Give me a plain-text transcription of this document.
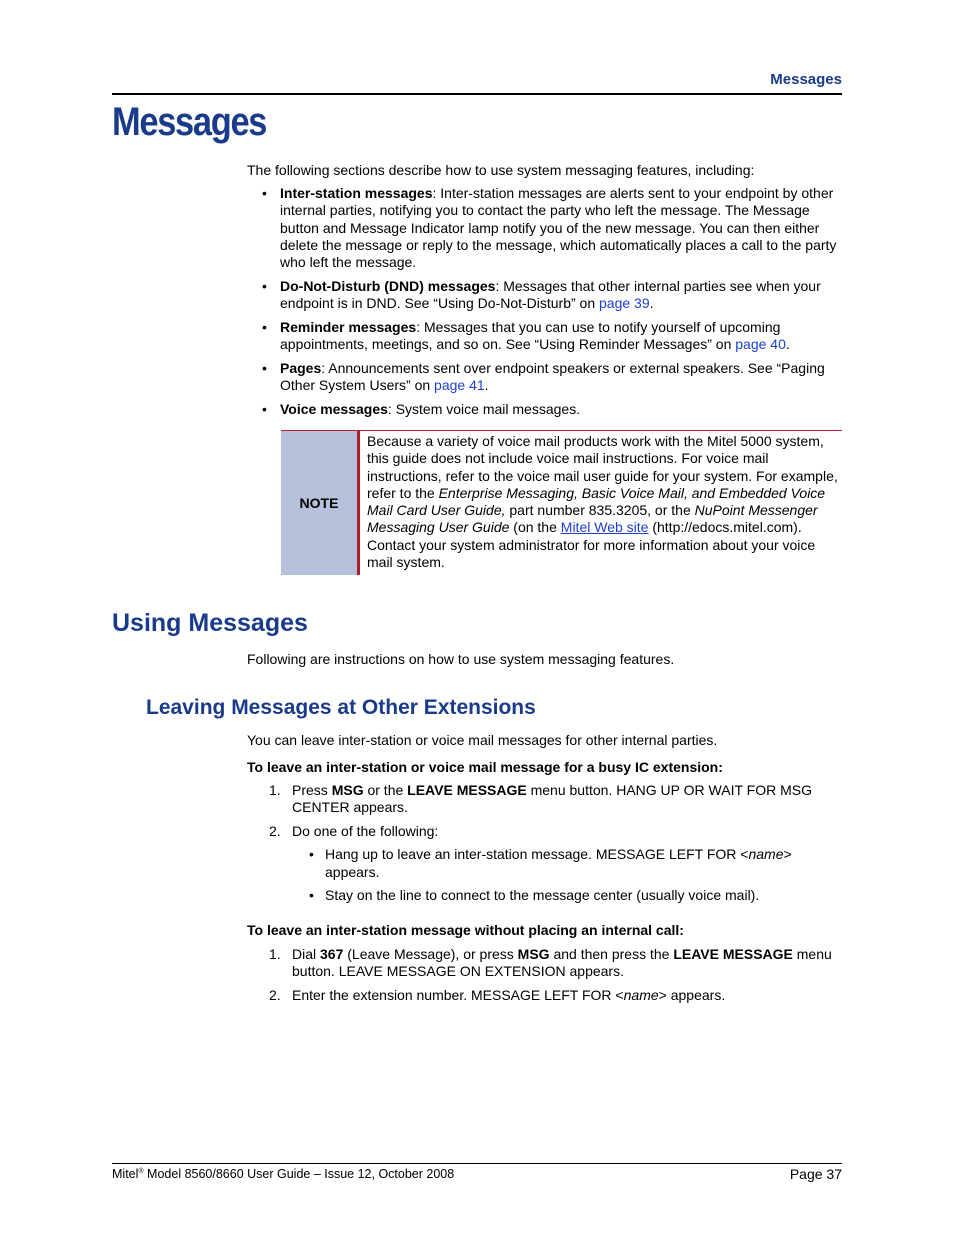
Messages
Messages
The following sections describe how to use system messaging features, including:
• Inter-station messages: Inter-station messages are alerts sent to your endpoint by other internal parties, notifying you to contact the party who left the message. The Message button and Message Indicator lamp notify you of the new message. You can then either delete the message or reply to the message, which automatically places a call to the party who left the message.
• Do-Not-Disturb (DND) messages: Messages that other internal parties see when your endpoint is in DND. See “Using Do-Not-Disturb” on page 39.
• Reminder messages: Messages that you can use to notify yourself of upcoming appointments, meetings, and so on. See “Using Reminder Messages” on page 40.
• Pages: Announcements sent over endpoint speakers or external speakers. See “Paging Other System Users” on page 41.
• Voice messages: System voice mail messages.
NOTE
Because a variety of voice mail products work with the Mitel 5000 system, this guide does not include voice mail instructions. For voice mail instructions, refer to the voice mail user guide for your system. For example, refer to the Enterprise Messaging, Basic Voice Mail, and Embedded Voice Mail Card User Guide, part number 835.3205, or the NuPoint Messenger Messaging User Guide (on the Mitel Web site (http://edocs.mitel.com). Contact your system administrator for more information about your voice mail system.
Using Messages
Following are instructions on how to use system messaging features.
Leaving Messages at Other Extensions
You can leave inter-station or voice mail messages for other internal parties.
To leave an inter-station or voice mail message for a busy IC extension:
1. Press MSG or the LEAVE MESSAGE menu button. HANG UP OR WAIT FOR MSG CENTER appears.
2. Do one of the following:
• Hang up to leave an inter-station message. MESSAGE LEFT FOR <name> appears.
• Stay on the line to connect to the message center (usually voice mail).
To leave an inter-station message without placing an internal call:
1. Dial 367 (Leave Message), or press MSG and then press the LEAVE MESSAGE menu button. LEAVE MESSAGE ON EXTENSION appears.
2. Enter the extension number. MESSAGE LEFT FOR <name> appears.
Mitel® Model 8560/8660 User Guide – Issue 12, October 2008	Page 37
